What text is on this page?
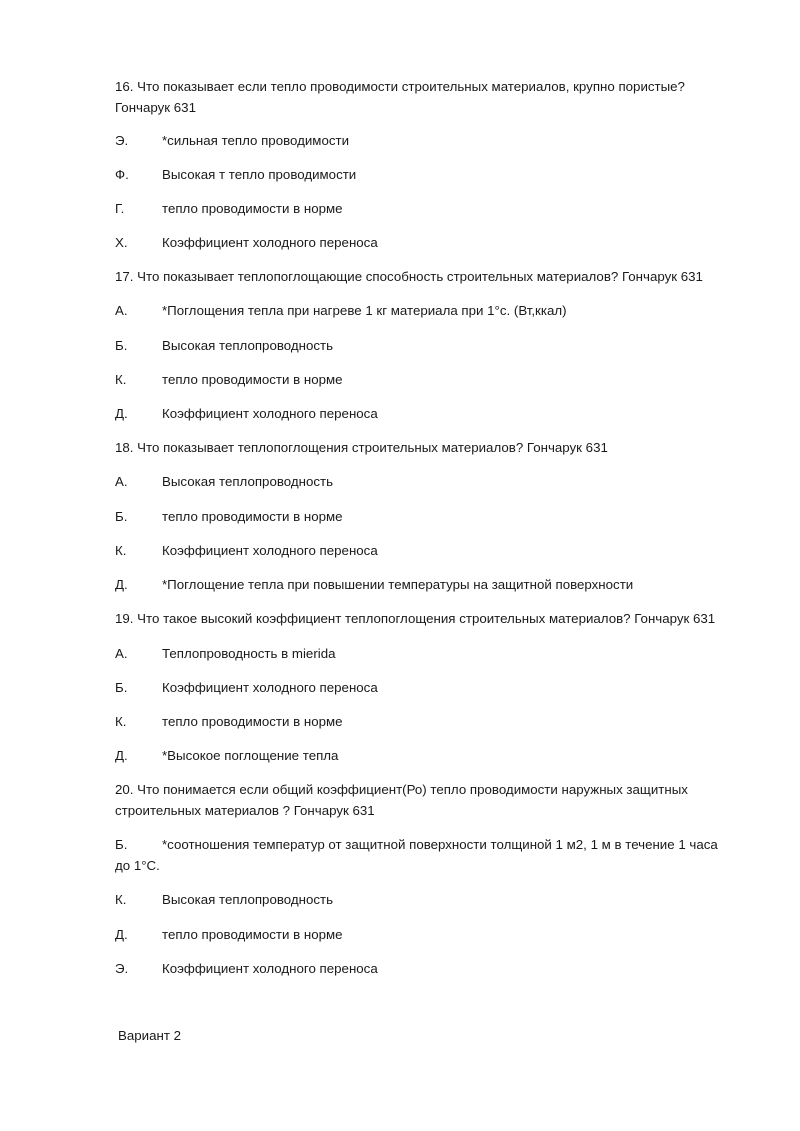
16. Что показывает если тепло проводимости строительных материалов, крупно пористые? Гончарук 631
Э.	*сильная тепло проводимости
Ф. Высокая т тепло проводимости
Г.	тепло проводимости в норме
Х.	Коэффициент холодного переноса
17. Что показывает теплопоглощающие способность строительных материалов? Гончарук 631
А.	*Поглощения тепла при нагреве 1 кг материала при 1°с. (Вт,ккал)
Б.	Высокая теплопроводность
К.	тепло проводимости в норме
Д.	Коэффициент холодного переноса
18. Что показывает теплопоглощения строительных материалов? Гончарук 631
А.	Высокая теплопроводность
Б.	тепло проводимости в норме
К.	Коэффициент холодного переноса
Д.	*Поглощение тепла при повышении температуры на защитной поверхности
19. Что такое высокий коэффициент теплопоглощения строительных материалов? Гончарук 631
А.	Теплопроводность в mierida
Б.	Коэффициент холодного переноса
К.	тепло проводимости в норме
Д.	*Высокое поглощение тепла
20. Что понимается если общий коэффициент(Ро) тепло проводимости наружных защитных строительных материалов ? Гончарук 631
Б.	*соотношения температур от защитной поверхности толщиной 1 м2, 1 м в течение 1 часа до 1°С.
К.	Высокая теплопроводность
Д.	тепло проводимости в норме
Э.	Коэффициент холодного переноса
Вариант 2
